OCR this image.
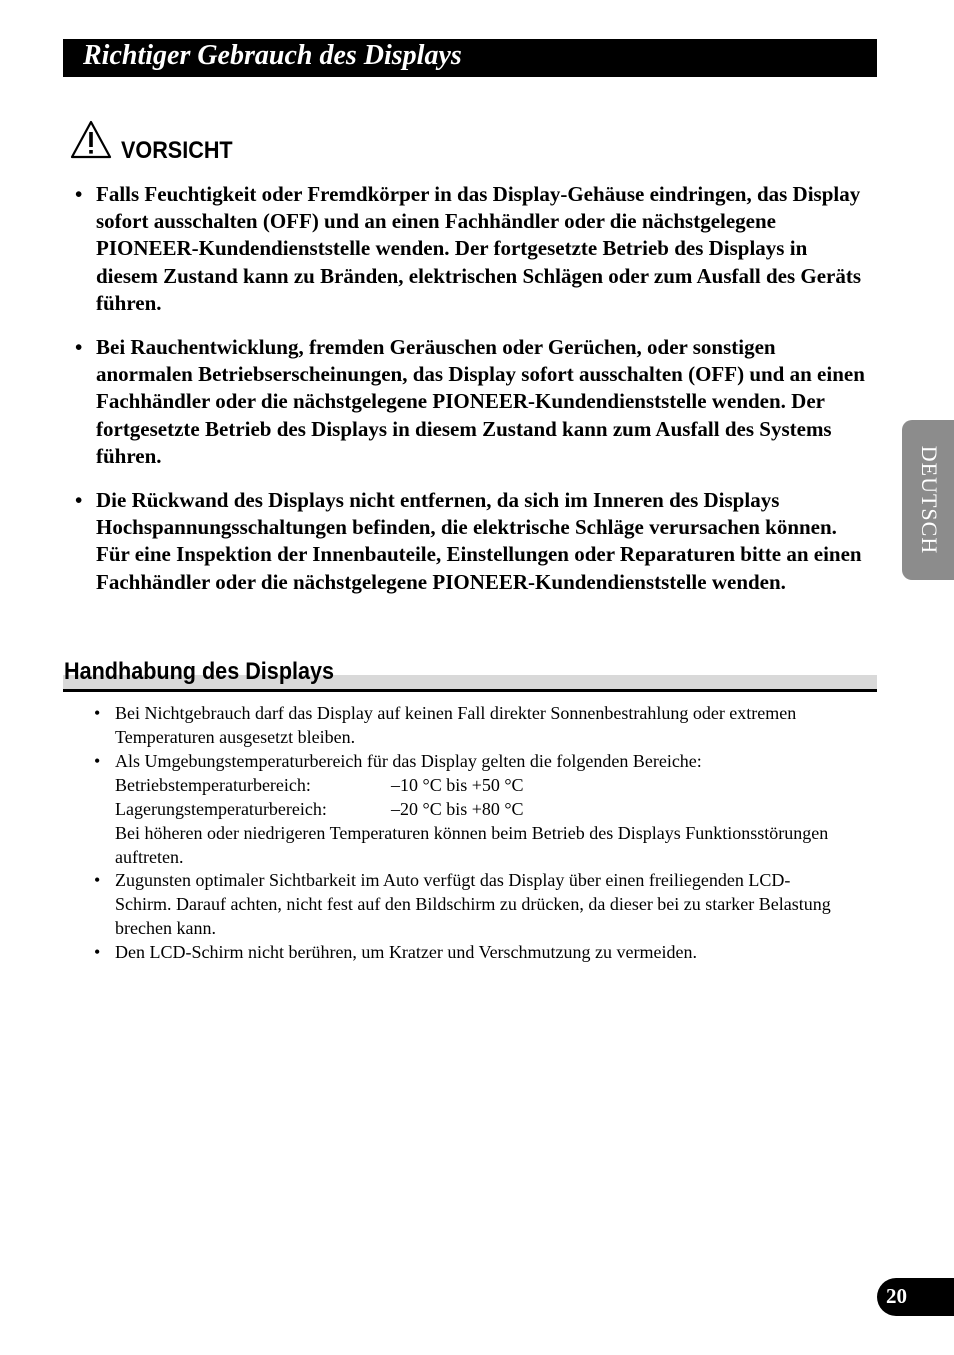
Richtiger Gebrauch des Displays
VORSICHT
• Falls Feuchtigkeit oder Fremdkörper in das Display-Gehäuse eindringen, das Display sofort ausschalten (OFF) und an einen Fachhändler oder die nächstgelegene PIONEER-Kundendienststelle wenden. Der fortgesetzte Betrieb des Displays in diesem Zustand kann zu Bränden, elektrischen Schlägen oder zum Ausfall des Geräts führen.
• Bei Rauchentwicklung, fremden Geräuschen oder Gerüchen, oder sonstigen anormalen Betriebserscheinungen, das Display sofort ausschalten (OFF) und an einen Fachhändler oder die nächstgelegene PIONEER-Kundendienststelle wenden. Der fortgesetzte Betrieb des Displays in diesem Zustand kann zum Ausfall des Systems führen.
• Die Rückwand des Displays nicht entfernen, da sich im Inneren des Displays Hochspannungsschaltungen befinden, die elektrische Schläge verursachen können. Für eine Inspektion der Innenbauteile, Einstellungen oder Reparaturen bitte an einen Fachhändler oder die nächstgelegene PIONEER-Kundendienststelle wenden.
Handhabung des Displays
• Bei Nichtgebrauch darf das Display auf keinen Fall direkter Sonnenbestrahlung oder extremen Temperaturen ausgesetzt bleiben.
• Als Umgebungstemperaturbereich für das Display gelten die folgenden Bereiche:
Betriebstemperaturbereich:	–10 °C bis +50 °C
Lagerungstemperaturbereich:	–20 °C bis +80 °C
Bei höheren oder niedrigeren Temperaturen können beim Betrieb des Displays Funktionsstörungen auftreten.
• Zugunsten optimaler Sichtbarkeit im Auto verfügt das Display über einen freiliegenden LCD-Schirm. Darauf achten, nicht fest auf den Bildschirm zu drücken, da dieser bei zu starker Belastung brechen kann.
• Den LCD-Schirm nicht berühren, um Kratzer und Verschmutzung zu vermeiden.
DEUTSCH
20
